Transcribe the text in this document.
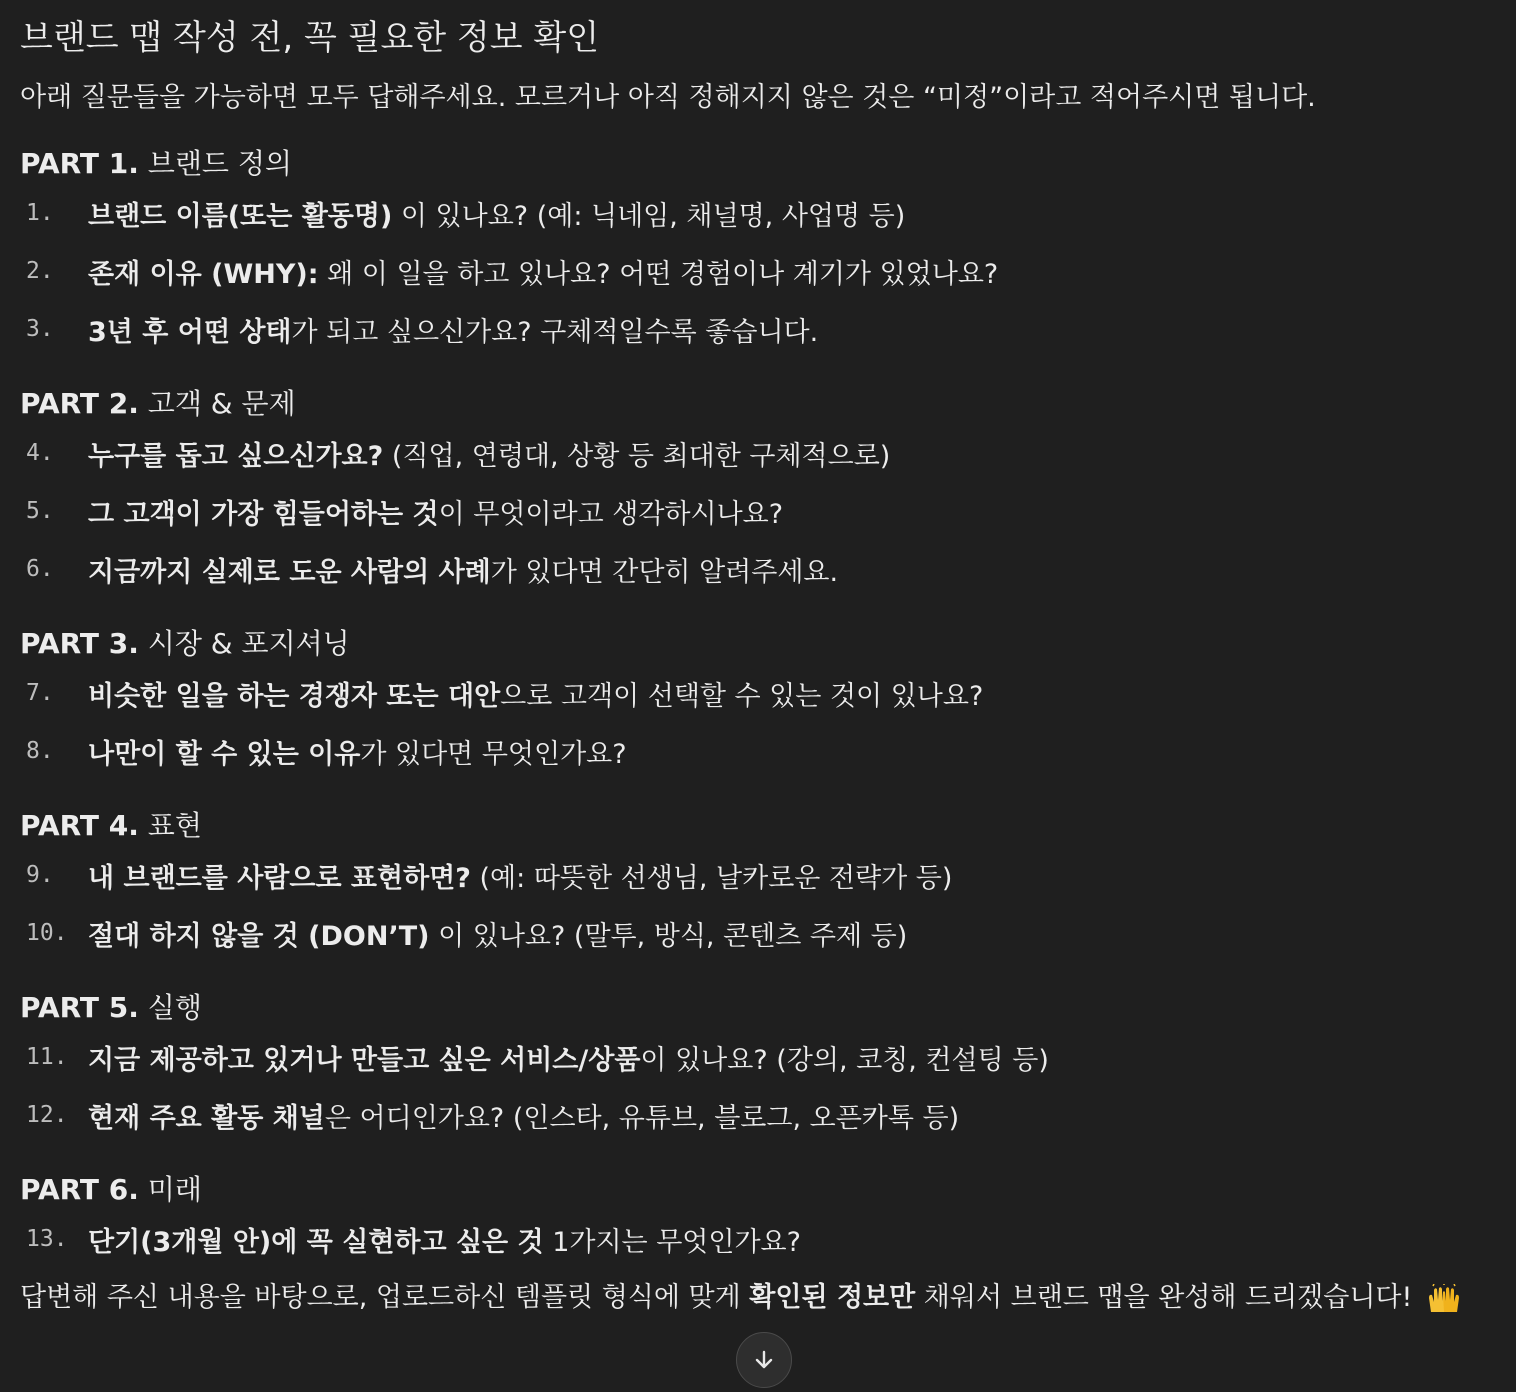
브랜드 맵 작성 전, 꼭 필요한 정보 확인

아래 질문들을 가능하면 모두 답해주세요. 모르거나 아직 정해지지 않은 것은 “미정”이라고 적어주시면 됩니다.

PART 1. 브랜드 정의

1.	브랜드 이름(또는 활동명) 이 있나요? (예: 닉네임, 채널명, 사업명 등)
2.	존재 이유 (WHY): 왜 이 일을 하고 있나요? 어떤 경험이나 계기가 있었나요?
3.	3년 후 어떤 상태가 되고 싶으신가요? 구체적일수록 좋습니다.

PART 2. 고객 & 문제

4.	누구를 돕고 싶으신가요? (직업, 연령대, 상황 등 최대한 구체적으로)
5.	그 고객이 가장 힘들어하는 것이 무엇이라고 생각하시나요?
6.	지금까지 실제로 도운 사람의 사례가 있다면 간단히 알려주세요.

PART 3. 시장 & 포지셔닝

7.	비슷한 일을 하는 경쟁자 또는 대안으로 고객이 선택할 수 있는 것이 있나요?
8.	나만이 할 수 있는 이유가 있다면 무엇인가요?

PART 4. 표현

9.	내 브랜드를 사람으로 표현하면? (예: 따뜻한 선생님, 날카로운 전략가 등)
10. 절대 하지 않을 것 (DON’T) 이 있나요? (말투, 방식, 콘텐츠 주제 등)

PART 5. 실행

11. 지금 제공하고 있거나 만들고 싶은 서비스/상품이 있나요? (강의, 코칭, 컨설팅 등)
12. 현재 주요 활동 채널은 어디인가요? (인스타, 유튜브, 블로그, 오픈카톡 등)

PART 6. 미래

13. 단기(3개월 안)에 꼭 실현하고 싶은 것 1가지는 무엇인가요?

답변해 주신 내용을 바탕으로, 업로드하신 템플릿 형식에 맞게 확인된 정보만 채워서 브랜드 맵을 완성해 드리겠습니다!
